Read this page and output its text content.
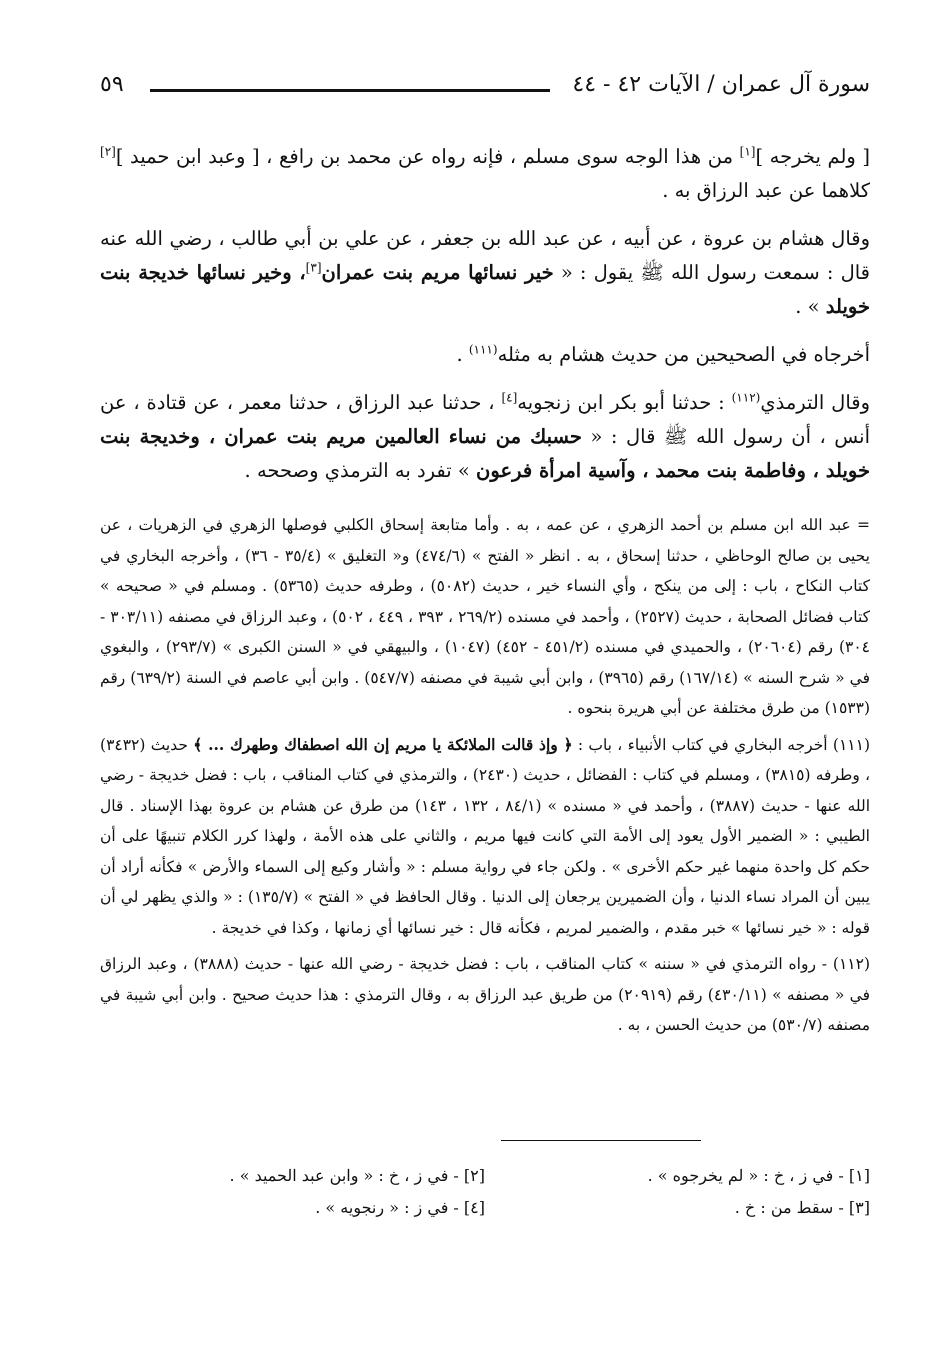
سورة آل عمران / الآيات ٤٢ - ٤٤
٥٩

[ ولم يخرجه ][١] من هذا الوجه سوى مسلم ، فإنه رواه عن محمد بن رافع ، [ وعبد ابن حميد ][٢] كلاهما عن عبد الرزاق به .

وقال هشام بن عروة ، عن أبيه ، عن عبد الله بن جعفر ، عن علي بن أبي طالب ، رضي الله عنه قال : سمعت رسول الله ﷺ يقول : « خير نسائها مريم بنت عمران[٣]، وخير نسائها خديجة بنت خويلد » .

أخرجاه في الصحيحين من حديث هشام به مثله$^{(١١١)}$ .

وقال الترمذي$^{(١١٢)}$ : حدثنا أبو بكر ابن زنجويه[٤] ، حدثنا عبد الرزاق ، حدثنا معمر ، عن قتادة ، عن أنس ، أن رسول الله ﷺ قال : « حسبك من نساء العالمين مريم بنت عمران ، وخديجة بنت خويلد ، وفاطمة بنت محمد ، وآسية امرأة فرعون » تفرد به الترمذي وصححه .

= عبد الله ابن مسلم بن أحمد الزهري ، عن عمه ، به . وأما متابعة إسحاق الكلبي فوصلها الزهري في الزهريات ، عن يحيى بن صالح الوحاظي ، حدثنا إسحاق ، به . انظر « الفتح » (٤٧٤/٦) و« التغليق » (٣٥/٤ - ٣٦) ، وأخرجه البخاري في كتاب النكاح ، باب : إلى من ينكح ، وأي النساء خير ، حديث (٥٠٨٢) ، وطرفه حديث (٥٣٦٥) . ومسلم في « صحيحه » كتاب فضائل الصحابة ، حديث (٢٥٢٧) ، وأحمد في مسنده (٢٦٩/٢ ، ٣٩٣ ، ٤٤٩ ، ٥٠٢) ، وعبد الرزاق في مصنفه (٣٠٣/١١ - ٣٠٤) رقم (٢٠٦٠٤) ، والحميدي في مسنده (٤٥١/٢ - ٤٥٢) (١٠٤٧) ، والبيهقي في « السنن الكبرى » (٢٩٣/٧) ، والبغوي في « شرح السنه » (١٦٧/١٤) رقم (٣٩٦٥) ، وابن أبي شيبة في مصنفه (٥٤٧/٧) . وابن أبي عاصم في السنة (٦٣٩/٢) رقم (١٥٣٣) من طرق مختلفة عن أبي هريرة بنحوه .

(١١١) أخرجه البخاري في كتاب الأنبياء ، باب : ﴿ وإذ قالت الملائكة يا مريم إن الله اصطفاك وطهرك ... ﴾ حديث (٣٤٣٢) ، وطرفه (٣٨١٥) ، ومسلم في كتاب : الفضائل ، حديث (٢٤٣٠) ، والترمذي في كتاب المناقب ، باب : فضل خديجة - رضي الله عنها - حديث (٣٨٨٧) ، وأحمد في « مسنده » (٨٤/١ ، ١٣٢ ، ١٤٣) من طرق عن هشام بن عروة بهذا الإسناد . قال الطيبي : « الضمير الأول يعود إلى الأمة التي كانت فيها مريم ، والثاني على هذه الأمة ، ولهذا كرر الكلام تنبيهًا على أن حكم كل واحدة منهما غير حكم الأخرى » . ولكن جاء في رواية مسلم : « وأشار وكيع إلى السماء والأرض » فكأنه أراد أن يبين أن المراد نساء الدنيا ، وأن الضميرين يرجعان إلى الدنيا . وقال الحافظ في « الفتح » (١٣٥/٧) : « والذي يظهر لي أن قوله : « خير نسائها » خبر مقدم ، والضمير لمريم ، فكأنه قال : خير نسائها أي زمانها ، وكذا في خديجة .

(١١٢) - رواه الترمذي في « سننه » كتاب المناقب ، باب : فضل خديجة - رضي الله عنها - حديث (٣٨٨٨) ، وعبد الرزاق في « مصنفه » (٤٣٠/١١) رقم (٢٠٩١٩) من طريق عبد الرزاق به ، وقال الترمذي : هذا حديث صحيح . وابن أبي شيبة في مصنفه (٥٣٠/٧) من حديث الحسن ، به .

[١] - في ز ، خ : « لم يخرجوه » .
[٢] - في ز ، خ : « وابن عبد الحميد » .
[٣] - سقط من : خ .
[٤] - في ز : « رنجويه » .
